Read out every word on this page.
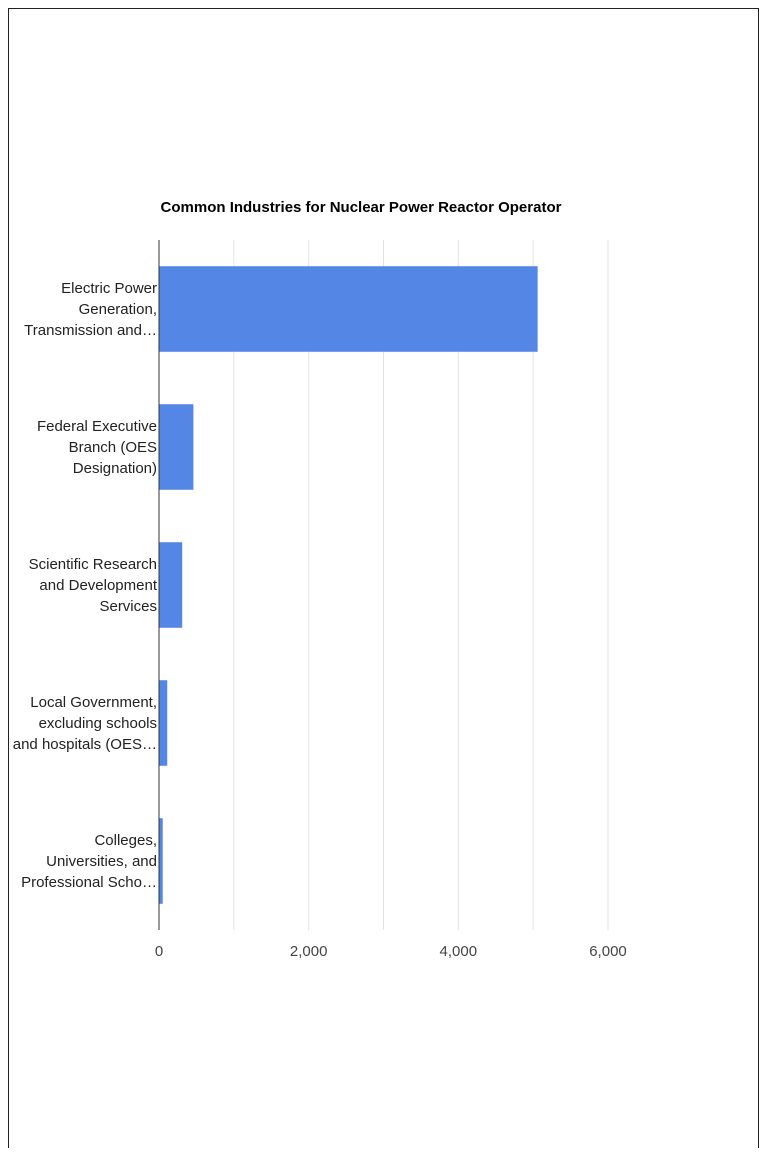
Common Industries for Nuclear Power Reactor Operator
Electric Power Generation, Transmission and…
Federal Executive Branch (OES Designation)
Scientific Research and Development Services
Local Government, excluding schools and hospitals (OES…
Colleges, Universities, and Professional Scho…
0	2,000	4,000	6,000
